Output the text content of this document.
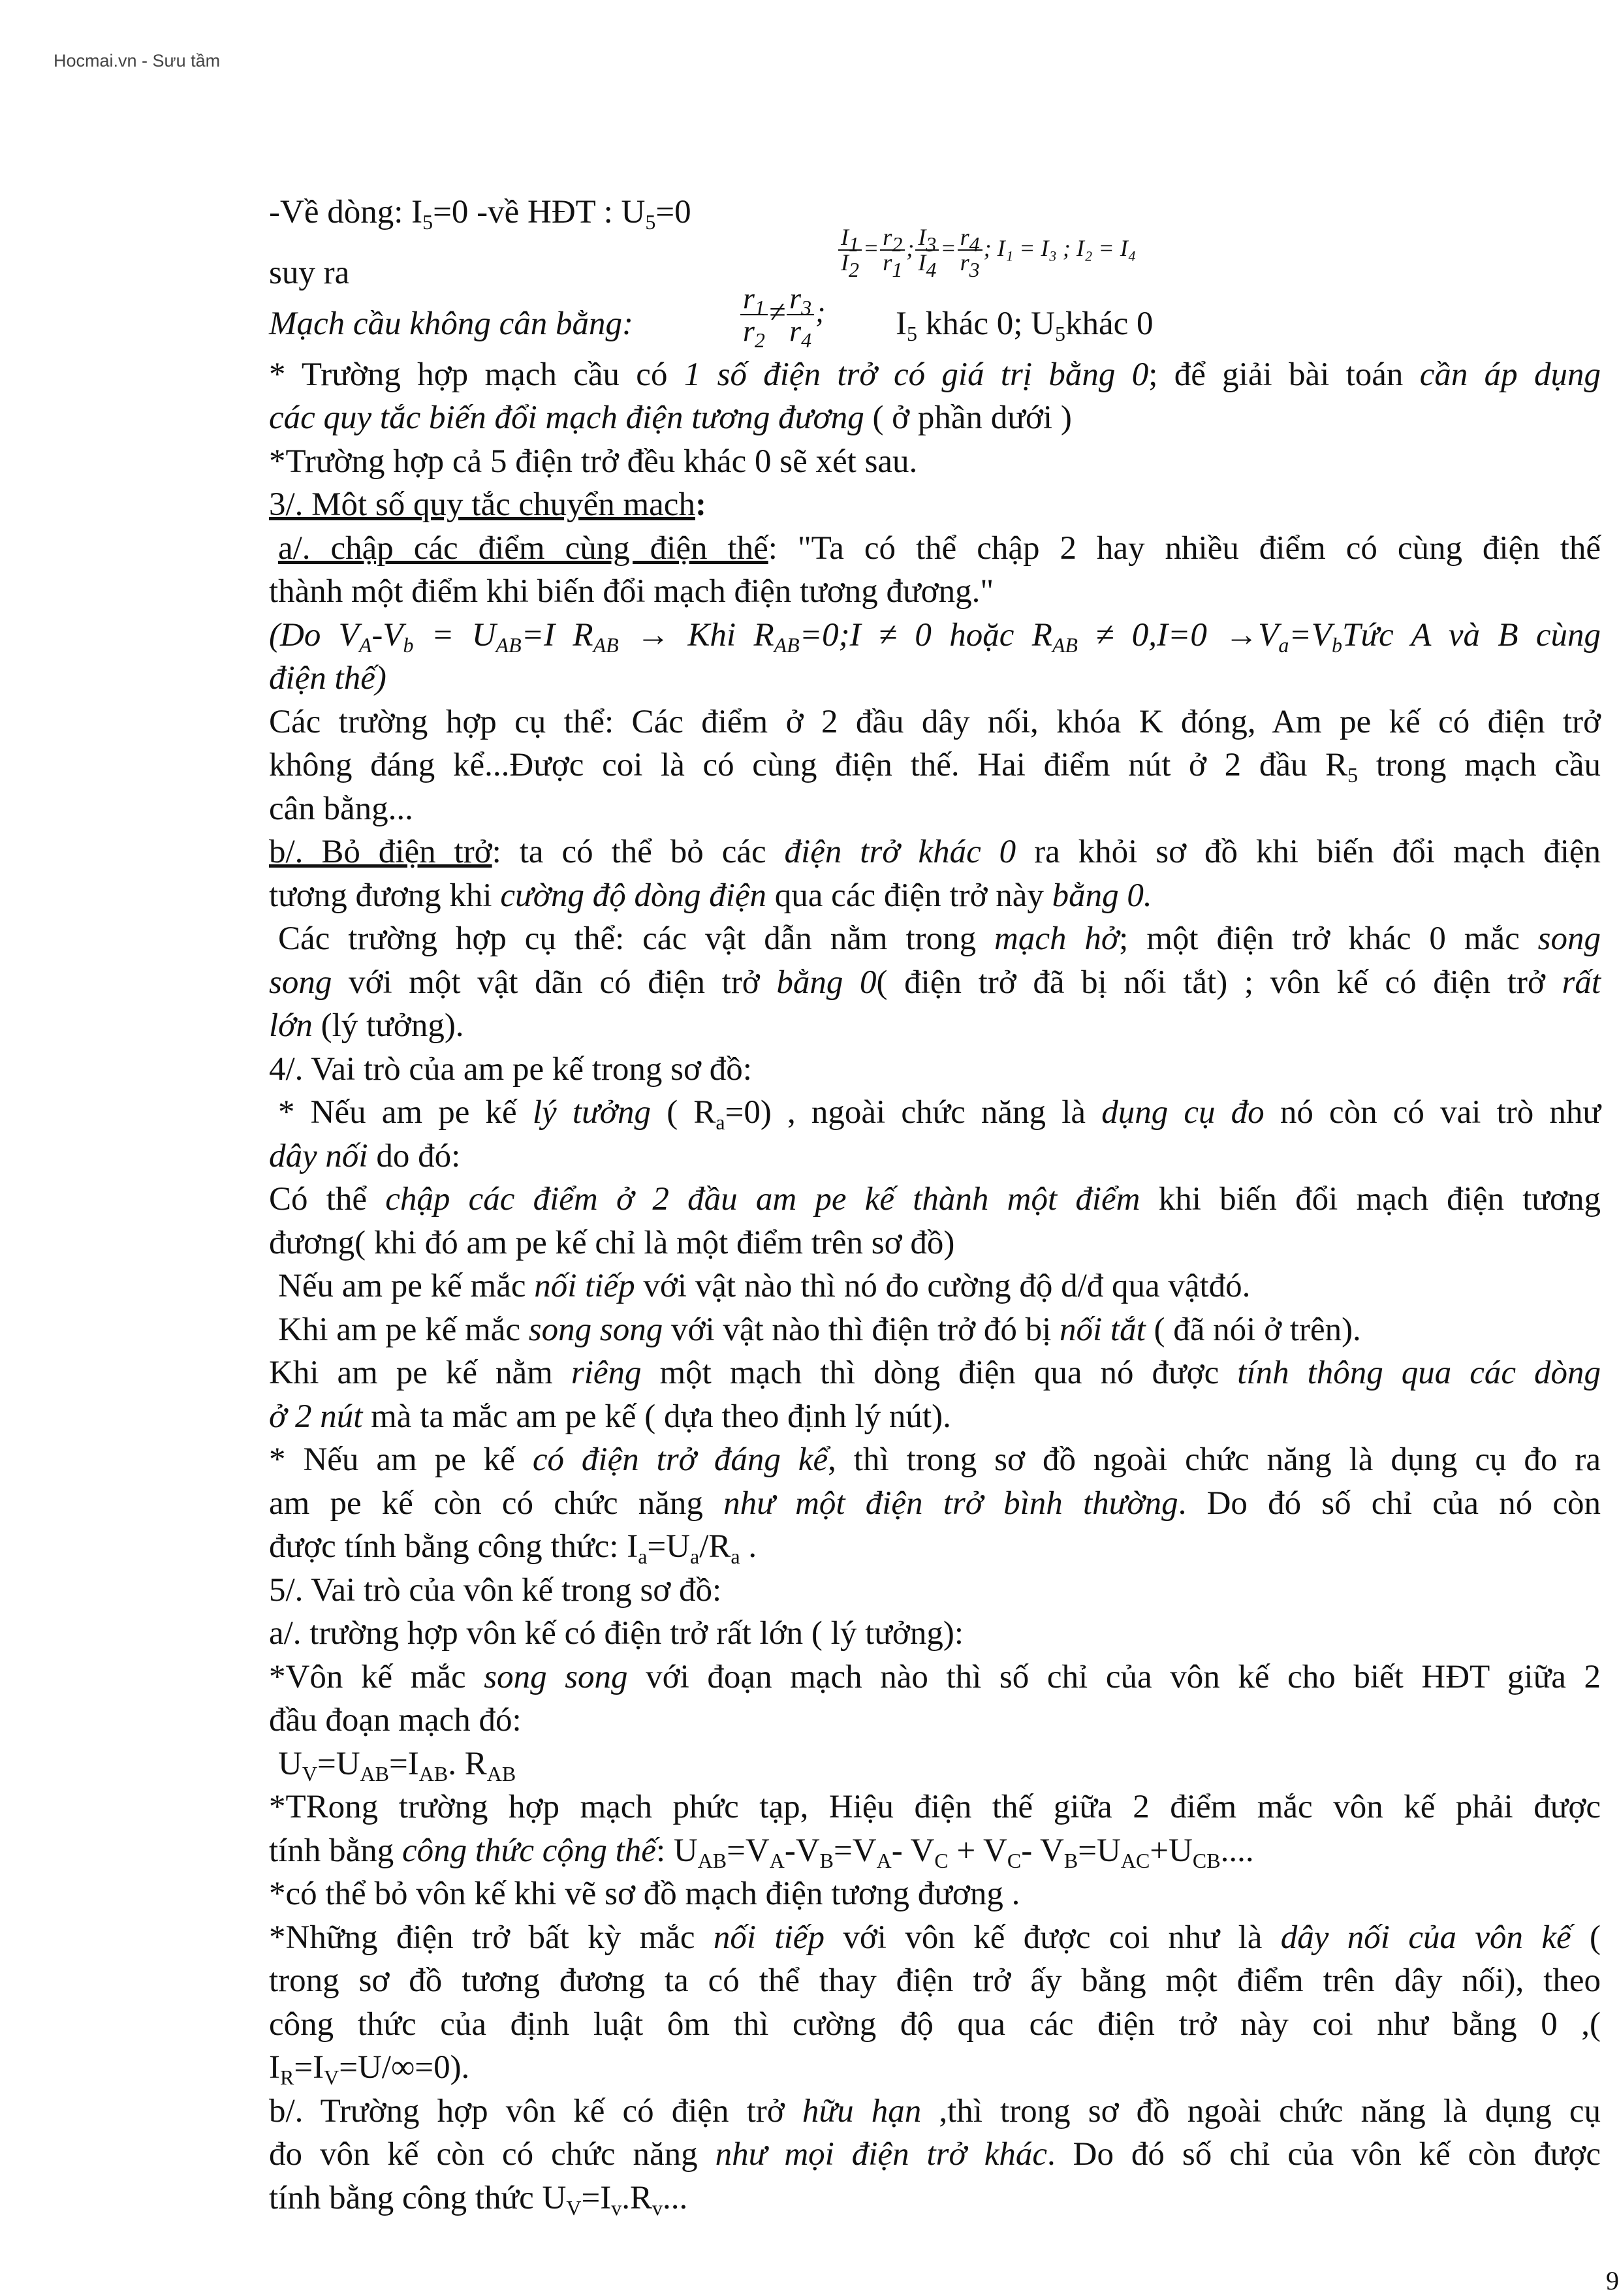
Hocmai.vn - Sưu tầm
-Về dòng: $I_5=0$ -về HĐT : $U_5=0$
suy ra	$\frac{I_1}{I_2} = \frac{r_2}{r_1}$ ; $\frac{I_3}{I_4} = \frac{r_4}{r_3}$ ; I₁ = I₃ ; I₂ = I₄
Mạch cầu không cân bằng:	$\frac{r_1}{r_2} \ne \frac{r_3}{r_4}$ ; $I_5$ khác 0; $U_5khác$ 0
* Trường hợp mạch cầu có 1 số điện trở có giá trị bằng 0; để giải bài toán cần áp dụng
các quy tắc biến đổi mạch điện tương đương ( ở phần dưới )
*Trường hợp cả 5 điện trở đều khác 0 sẽ xét sau.
3/. Môt số quy tắc chuyển mach:
a/. chập các điểm cùng điện thế: "Ta có thể chập 2 hay nhiều điểm có cùng điện thế
thành một điểm khi biến đổi mạch điện tương đương."
(Do $V_A-V_b = U_{AB}=I$ $R_{AB}$ → Khi $R_{AB}=0;I \ne 0$ hoặc $R_{AB} \ne 0,I=0$ $\to V_a=V_bTức$ A và B cùng
điện thế)
Các trường hợp cụ thể: Các điểm ở 2 đầu dây nối, khóa K đóng, Am pe kế có điện trở
không đáng kể...Được coi là có cùng điện thế. Hai điểm nút ở 2 đầu $R_5$ trong mạch cầu
cân bằng...
b/. Bỏ điện trở: ta có thể bỏ các điện trở khác 0 ra khỏi sơ đồ khi biến đổi mạch điện
tương đương khi cường độ dòng điện qua các điện trở này bằng 0.
Các trường hợp cụ thể: các vật dẫn nằm trong mạch hở; một điện trở khác 0 mắc song
song với một vật dãn có điện trở bằng 0( điện trở đã bị nối tắt) ; vôn kế có điện trở rất
lớn (lý tưởng).
4/. Vai trò của am pe kế trong sơ đồ:
* Nếu am pe kế lý tưởng ( $R_a=0$) , ngoài chức năng là dụng cụ đo nó còn có vai trò như
dây nối do đó:
Có thể chập các điểm ở 2 đầu am pe kế thành một điểm khi biến đổi mạch điện tương
đương( khi đó am pe kế chỉ là một điểm trên sơ đồ)
Nếu am pe kế mắc nối tiếp với vật nào thì nó đo cường độ d/đ qua vậtđó.
Khi am pe kế mắc song song với vật nào thì điện trở đó bị nối tắt ( đã nói ở trên).
Khi am pe kế nằm riêng một mạch thì dòng điện qua nó được tính thông qua các dòng
ở 2 nút mà ta mắc am pe kế ( dựa theo định lý nút).
* Nếu am pe kế có điện trở đáng kể, thì trong sơ đồ ngoài chức năng là dụng cụ đo ra
am pe kế còn có chức năng như một điện trở bình thường. Do đó số chỉ của nó còn
được tính bằng công thức: $I_a=U_a/R_a$ .
5/. Vai trò của vôn kế trong sơ đồ:
a/. trường hợp vôn kế có điện trở rất lớn ( lý tưởng):
*Vôn kế mắc song song với đoạn mạch nào thì số chỉ của vôn kế cho biết HĐT giữa 2
đầu đoạn mạch đó:
$U_V=U_{AB}=I_{AB}$. $R_{AB}$
*TRong trường hợp mạch phức tạp, Hiệu điện thế giữa 2 điểm mắc vôn kế phải được
tính bằng công thức cộng thế: $U_{AB}=V_A-V_B=V_A-$ $V_C + V_C-$ $V_B=U_{AC}+U_{CB}$....
*có thể bỏ vôn kế khi vẽ sơ đồ mạch điện tương đương .
*Những điện trở bất kỳ mắc nối tiếp với vôn kế được coi như là dây nối của vôn kế (
trong sơ đồ tương đương ta có thể thay điện trở ấy bằng một điểm trên dây nối), theo
công thức của định luật ôm thì cường độ qua các điện trở này coi như bằng 0 ,(
$I_R=I_V=U/\infty=0$).
b/. Trường hợp vôn kế có điện trở hữu hạn ,thì trong sơ đồ ngoài chức năng là dụng cụ
đo vôn kế còn có chức năng như mọi điện trở khác. Do đó số chỉ của vôn kế còn được
tính bằng công thức $U_V=I_v.R_v$...
9
